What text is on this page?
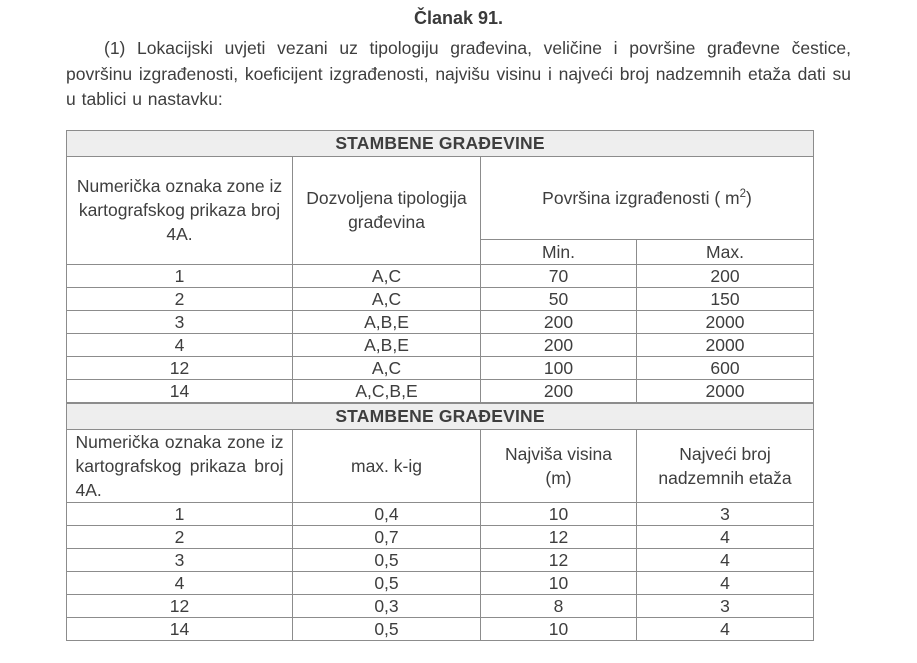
Članak 91.

(1) Lokacijski uvjeti vezani uz tipologiju građevina, veličine i površine građevne čestice, površinu izgrađenosti, koeficijent izgrađenosti, najvišu visinu i najveći broj nadzemnih etaža dati su u tablici u nastavku:

STAMBENE GRAĐEVINE			

Numerička oznaka zone iz kartografskog prikaza broj 4A.	Dozvoljena tipologija građevina	Površina izgrađenosti ( $m^2$)	
		Min.	Max.
1	A,C	70	200
2	A,C	50	150
3	A,B,E	200	2000
4	A,B,E	200	2000
12	A,C	100	600
14	A,C,B,E	200	2000
STAMBENE GRAĐEVINE			

Numerička oznaka zone iz kartografskog prikaza broj 4A.	max. k-ig	Najviša visina (m)	Najveći broj nadzemnih etaža

1	0,4	10	3
2	0,7	12	4
3	0,5	12	4
4	0,5	10	4
12	0,3	8	3
14	0,5	10	4
